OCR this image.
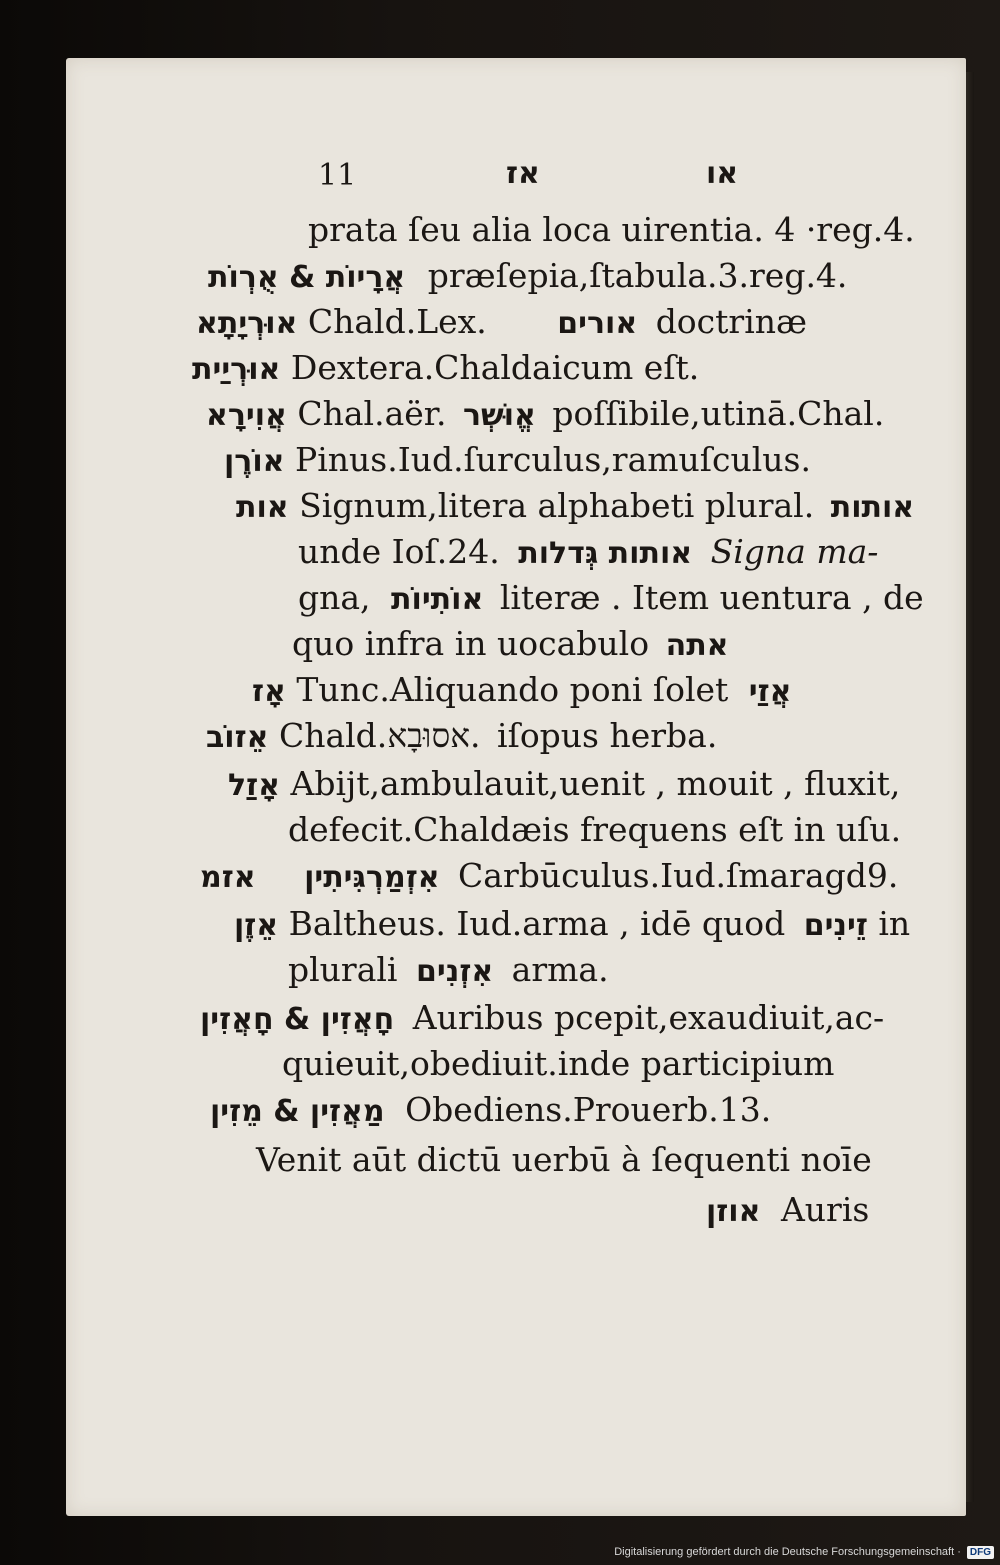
11	אז	או
prata ſeu alia loca uirentia. 4 ·reg.4.
אֲרָיוֹת & אֻרְוֹת præſepia,ſtabula.3.reg.4.
אוּרְיָתָא Chald.Lex. אורים doctrinæ
אוּרְיַית Dextera.Chaldaicum eſt.
אֲוִירָא Chal.aër. אֱוּשְׁר poſſibile,utinā.Chal.
אוֹרֶן Pinus.Iud.ſurculus,ramuſculus.
אות Signum,litera alphabeti plural. אותות
unde Ioſ.24. אותות גְּדלות Signa ma-
gna, אוֹתִיוֹת literæ . Item uentura , de
quo infra in uocabulo אתה
אָז Tunc.Aliquando poni ſolet אֲזַי
אֵזוֹב Chald.אסוּבָא. iſopus herba.
אָזַל Abijt,ambulauit,uenit , mouit , fluxit,
defecit.Chaldæis frequens eſt in uſu.
אזמ אִזְמַרְגִּיתִין Carbūculus.Iud.ſmaragd9.
אֵזֶן Baltheus. Iud.arma , idē quod זֵינִים in
plurali אִזְנִים arma.
חָאֲזִין & חָאֲזִין Auribus pcepit,exaudiuit,ac-
quieuit,obediuit.inde participium
מַאֲזִין & מֵזִין Obediens.Prouerb.13.
Venit aūt dictū uerbū à ſequenti noīe
אוזן Auris
Digitalisierung gefördert durch die Deutsche Forschungsgemeinschaft · DFG
